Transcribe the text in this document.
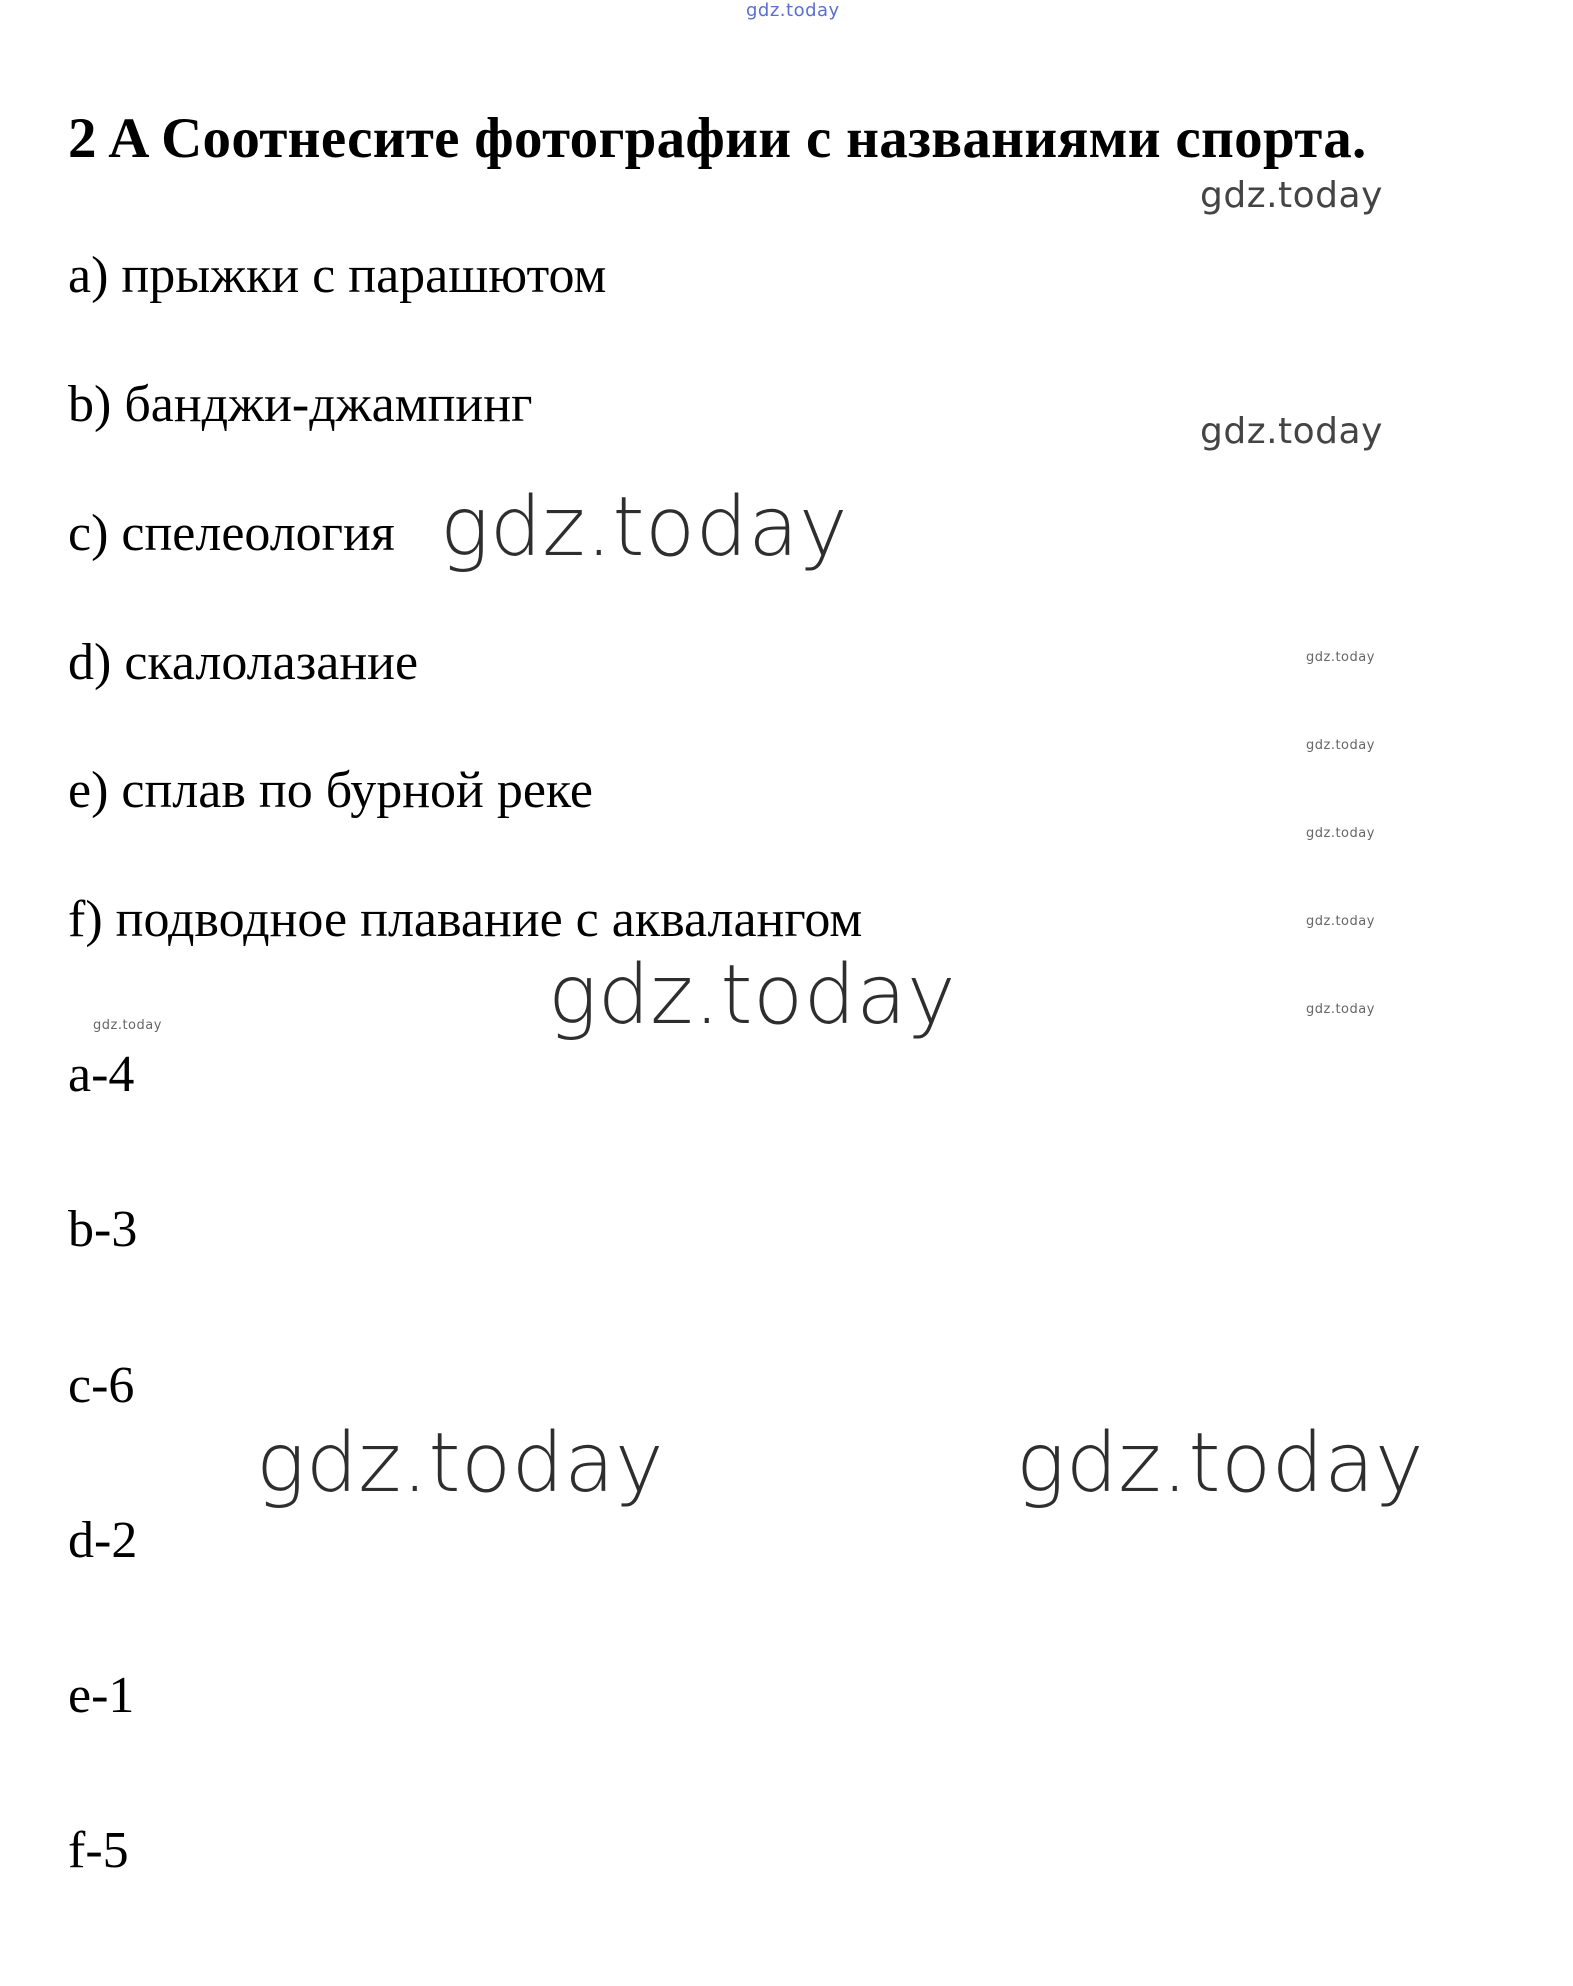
gdz.today
2 A Соотнесите фотографии с названиями спорта.
gdz.today
a) прыжки с парашютом
b) банджи-джампинг	gdz.today
c) спелеология gdz.today
d) скалолазание	gdz.today
gdz.today
e) сплав по бурной реке
gdz.today
f) подводное плавание с аквалангом	gdz.today
gdz.today	gdz.today
gdz.today
a-4
b-3
c-6
gdz.today	gdz.today
d-2
e-1
f-5
